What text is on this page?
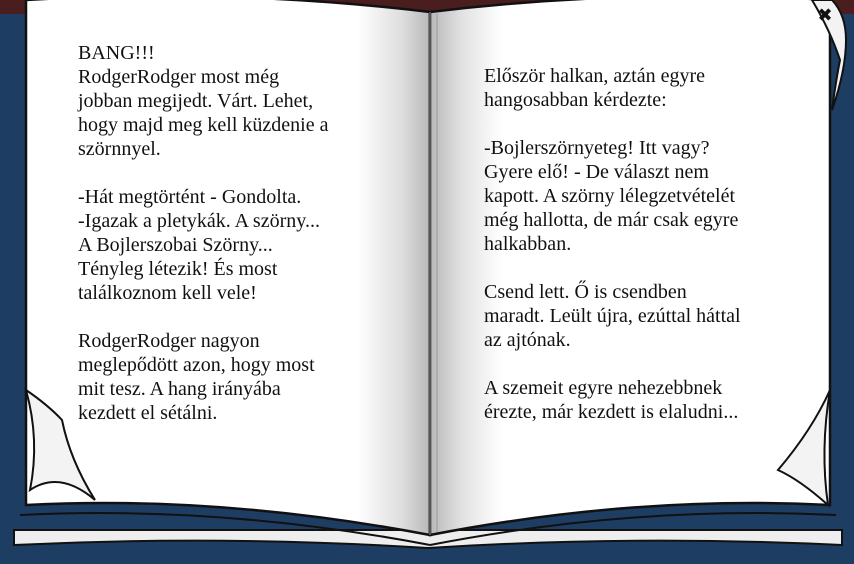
BANG!!!
RodgerRodger most még
jobban megijedt. Várt. Lehet,
hogy majd meg kell küzdenie a
szörnnyel.

-Hát megtörtént - Gondolta.
-Igazak a pletykák. A szörny...
A Bojlerszobai Szörny...
Tényleg létezik! És most
találkoznom kell vele!

RodgerRodger nagyon
meglepődött azon, hogy most
mit tesz. A hang irányába
kezdett el sétálni.
Először halkan, aztán egyre
hangosabban kérdezte:

-Bojlerszörnyeteg! Itt vagy?
Gyere elő! - De választ nem
kapott. A szörny lélegzetvételét
még hallotta, de már csak egyre
halkabban.

Csend lett. Ő is csendben
maradt. Leült újra, ezúttal háttal
az ajtónak.

A szemeit egyre nehezebbnek
érezte, már kezdett is elaludni...
✖
